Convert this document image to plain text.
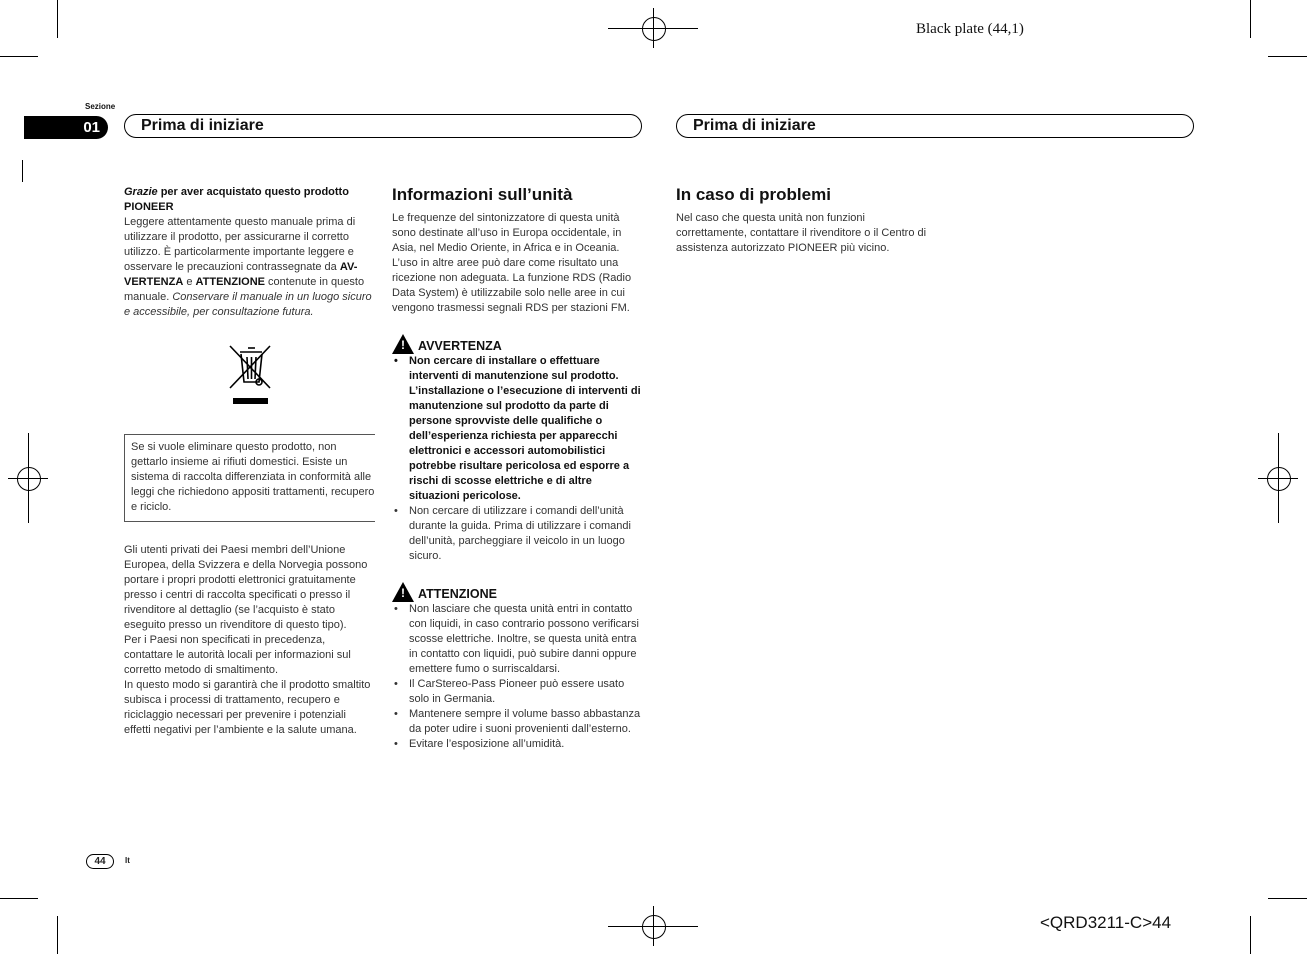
Black plate (44,1)
Sezione
01	Prima di iniziare	Prima di iniziare
Grazie per aver acquistato questo prodotto
PIONEER

Leggere attentamente questo manuale prima di utilizzare il prodotto, per assicurarne il corretto utilizzo. È particolarmente importante leggere e osservare le precauzioni contrassegnate da AV-VERTENZA e ATTENZIONE contenute in questo manuale. Conservare il manuale in un luogo sicuro e accessibile, per consultazione futura.

Se si vuole eliminare questo prodotto, non gettarlo insieme ai rifiuti domestici. Esiste un sistema di raccolta differenziata in conformità alle leggi che richiedono appositi trattamenti, recupero e riciclo.

Gli utenti privati dei Paesi membri dell’Unione Europea, della Svizzera e della Norvegia possono portare i propri prodotti elettronici gratuitamente presso i centri di raccolta specificati o presso il rivenditore al dettaglio (se l’acquisto è stato eseguito presso un rivenditore di questo tipo).

Per i Paesi non specificati in precedenza, contattare le autorità locali per informazioni sul corretto metodo di smaltimento.

In questo modo si garantirà che il prodotto smaltito subisca i processi di trattamento, recupero e riciclaggio necessari per prevenire i potenziali effetti negativi per l’ambiente e la salute umana.

Informazioni sull’unità

Le frequenze del sintonizzatore di questa unità sono destinate all’uso in Europa occidentale, in Asia, nel Medio Oriente, in Africa e in Oceania. L’uso in altre aree può dare come risultato una ricezione non adeguata. La funzione RDS (Radio Data System) è utilizzabile solo nelle aree in cui vengono trasmessi segnali RDS per stazioni FM.

! AVVERTENZA
• Non cercare di installare o effettuare interventi di manutenzione sul prodotto. L’installazione o l’esecuzione di interventi di manutenzione sul prodotto da parte di persone sprovviste delle qualifiche o dell’esperienza richiesta per apparecchi elettronici e accessori automobilistici potrebbe risultare pericolosa ed esporre a rischi di scosse elettriche e di altre situazioni pericolose.
• Non cercare di utilizzare i comandi dell’unità durante la guida. Prima di utilizzare i comandi dell’unità, parcheggiare il veicolo in un luogo sicuro.
! ATTENZIONE
• Non lasciare che questa unità entri in contatto con liquidi, in caso contrario possono verificarsi scosse elettriche. Inoltre, se questa unità entra in contatto con liquidi, può subire danni oppure emettere fumo o surriscaldarsi.
• Il CarStereo-Pass Pioneer può essere usato solo in Germania.
• Mantenere sempre il volume basso abbastanza da poter udire i suoni provenienti dall’esterno.
• Evitare l’esposizione all’umidità.
In caso di problemi

Nel caso che questa unità non funzioni correttamente, contattare il rivenditore o il Centro di assistenza autorizzato PIONEER più vicino.

44	It
<QRD3211-C>44
